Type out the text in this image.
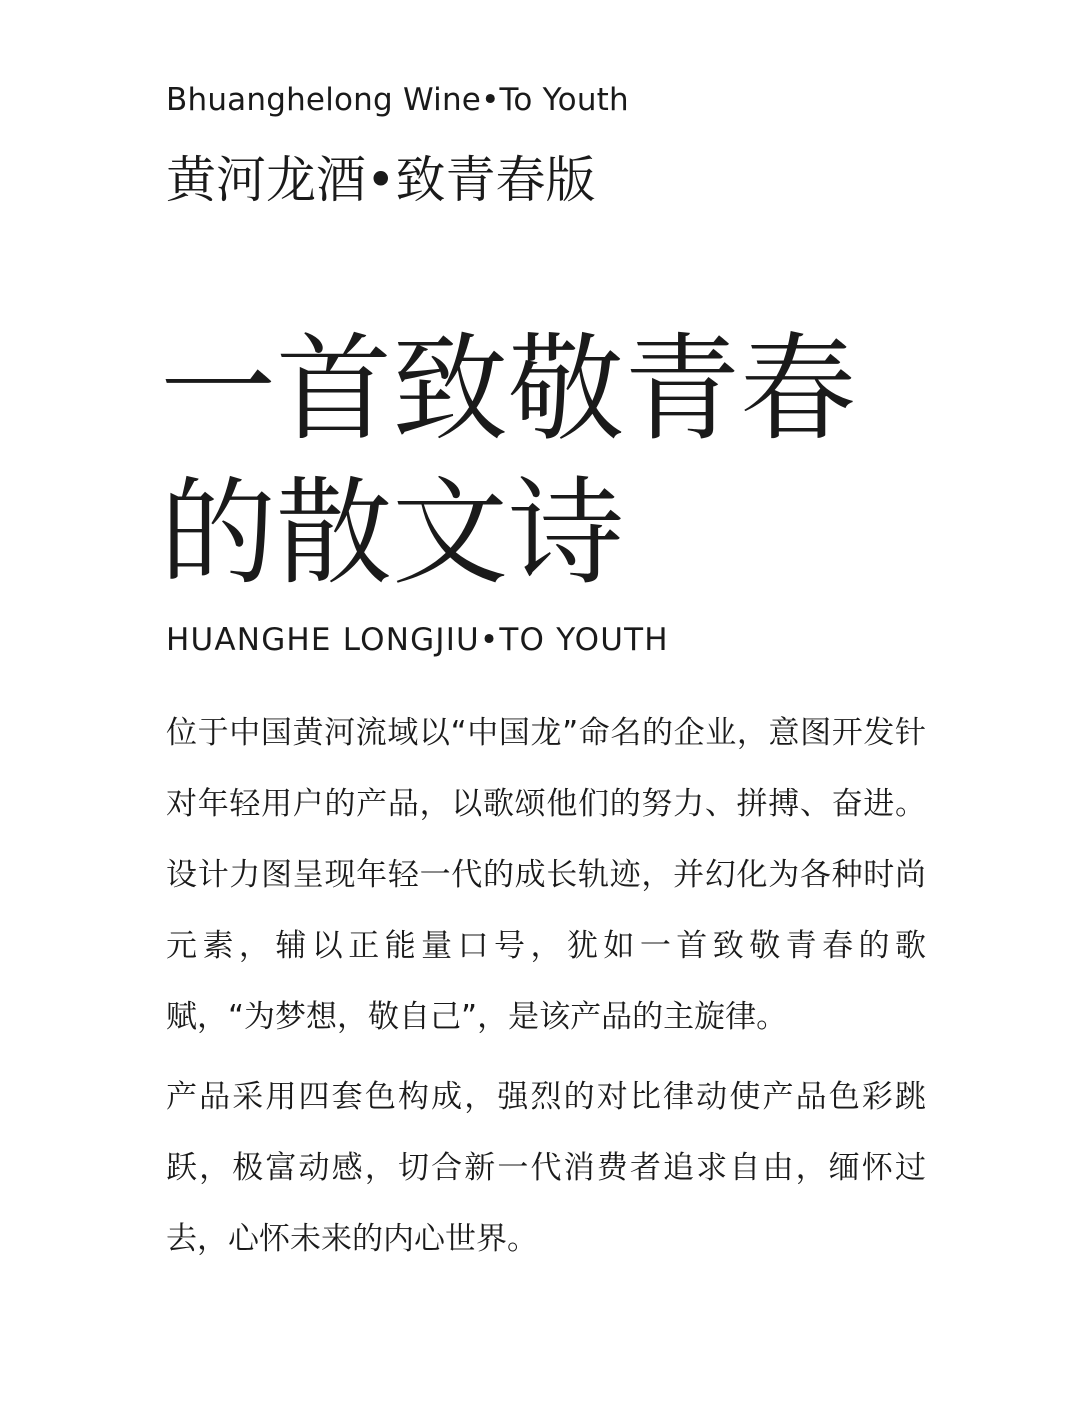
Bhuanghelong Wine•To Youth
黄河龙酒•致青春版
一首致敬青春
的散文诗
HUANGHE LONGJIU•TO YOUTH

位于中国黄河流域以“中国龙”命名的企业，意图开发针对年轻用户的产品，以歌颂他们的努力、拼搏、奋进。设计力图呈现年轻一代的成长轨迹，并幻化为各种时尚元素，辅以正能量口号，犹如一首致敬青春的歌赋，“为梦想，敬自己”，是该产品的主旋律。

产品采用四套色构成，强烈的对比律动使产品色彩跳跃，极富动感，切合新一代消费者追求自由，缅怀过去，心怀未来的内心世界。
